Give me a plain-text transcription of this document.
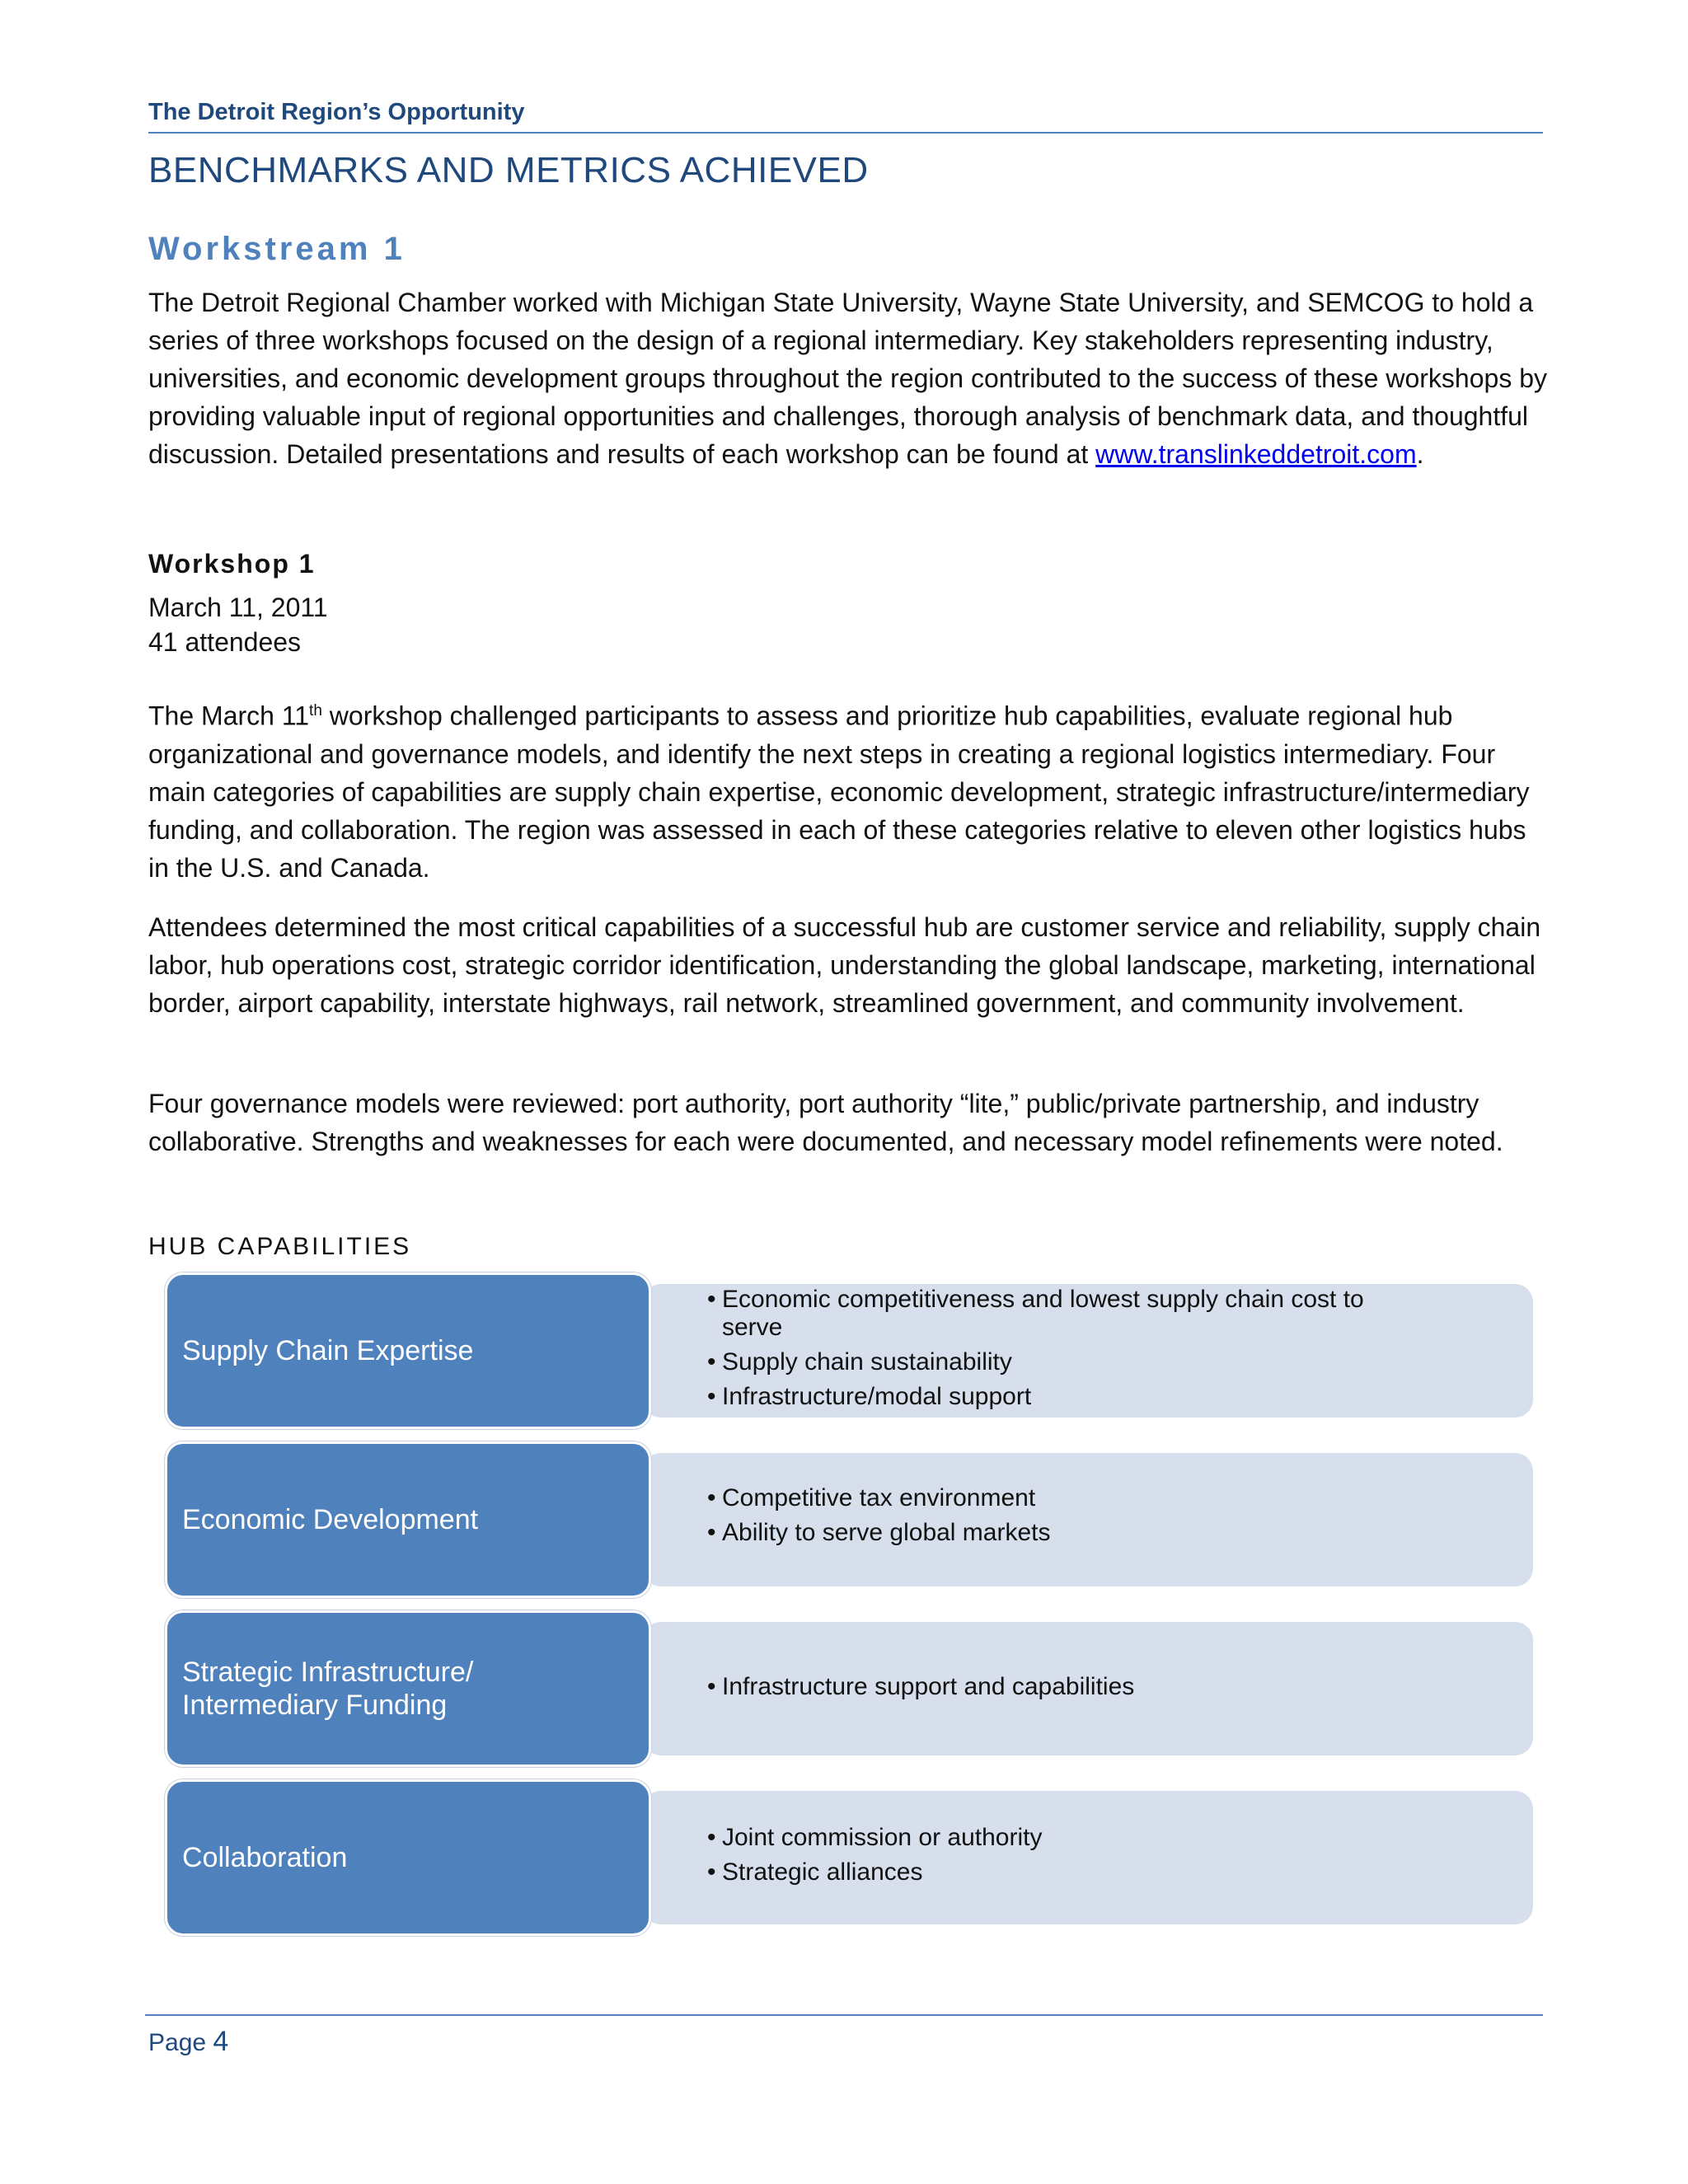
The Detroit Region’s Opportunity
BENCHMARKS AND METRICS ACHIEVED
Workstream 1
The Detroit Regional Chamber worked with Michigan State University, Wayne State University, and SEMCOG to hold a series of three workshops focused on the design of a regional intermediary. Key stakeholders representing industry, universities, and economic development groups throughout the region contributed to the success of these workshops by providing valuable input of regional opportunities and challenges, thorough analysis of benchmark data, and thoughtful discussion. Detailed presentations and results of each workshop can be found at www.translinkeddetroit.com.
Workshop 1
March 11, 2011
41 attendees
The March 11th workshop challenged participants to assess and prioritize hub capabilities, evaluate regional hub organizational and governance models, and identify the next steps in creating a regional logistics intermediary. Four main categories of capabilities are supply chain expertise, economic development, strategic infrastructure/intermediary funding, and collaboration. The region was assessed in each of these categories relative to eleven other logistics hubs in the U.S. and Canada.
Attendees determined the most critical capabilities of a successful hub are customer service and reliability, supply chain labor, hub operations cost, strategic corridor identification, understanding the global landscape, marketing, international border, airport capability, interstate highways, rail network, streamlined government, and community involvement.
Four governance models were reviewed: port authority, port authority “lite,” public/private partnership, and industry collaborative. Strengths and weaknesses for each were documented, and necessary model refinements were noted.
HUB CAPABILITIES
Supply Chain Expertise
• Economic competitiveness and lowest supply chain cost to serve
• Supply chain sustainability
• Infrastructure/modal support
Economic Development
• Competitive tax environment
• Ability to serve global markets
Strategic Infrastructure/ Intermediary Funding
• Infrastructure support and capabilities
Collaboration
• Joint commission or authority
• Strategic alliances
Page 4
